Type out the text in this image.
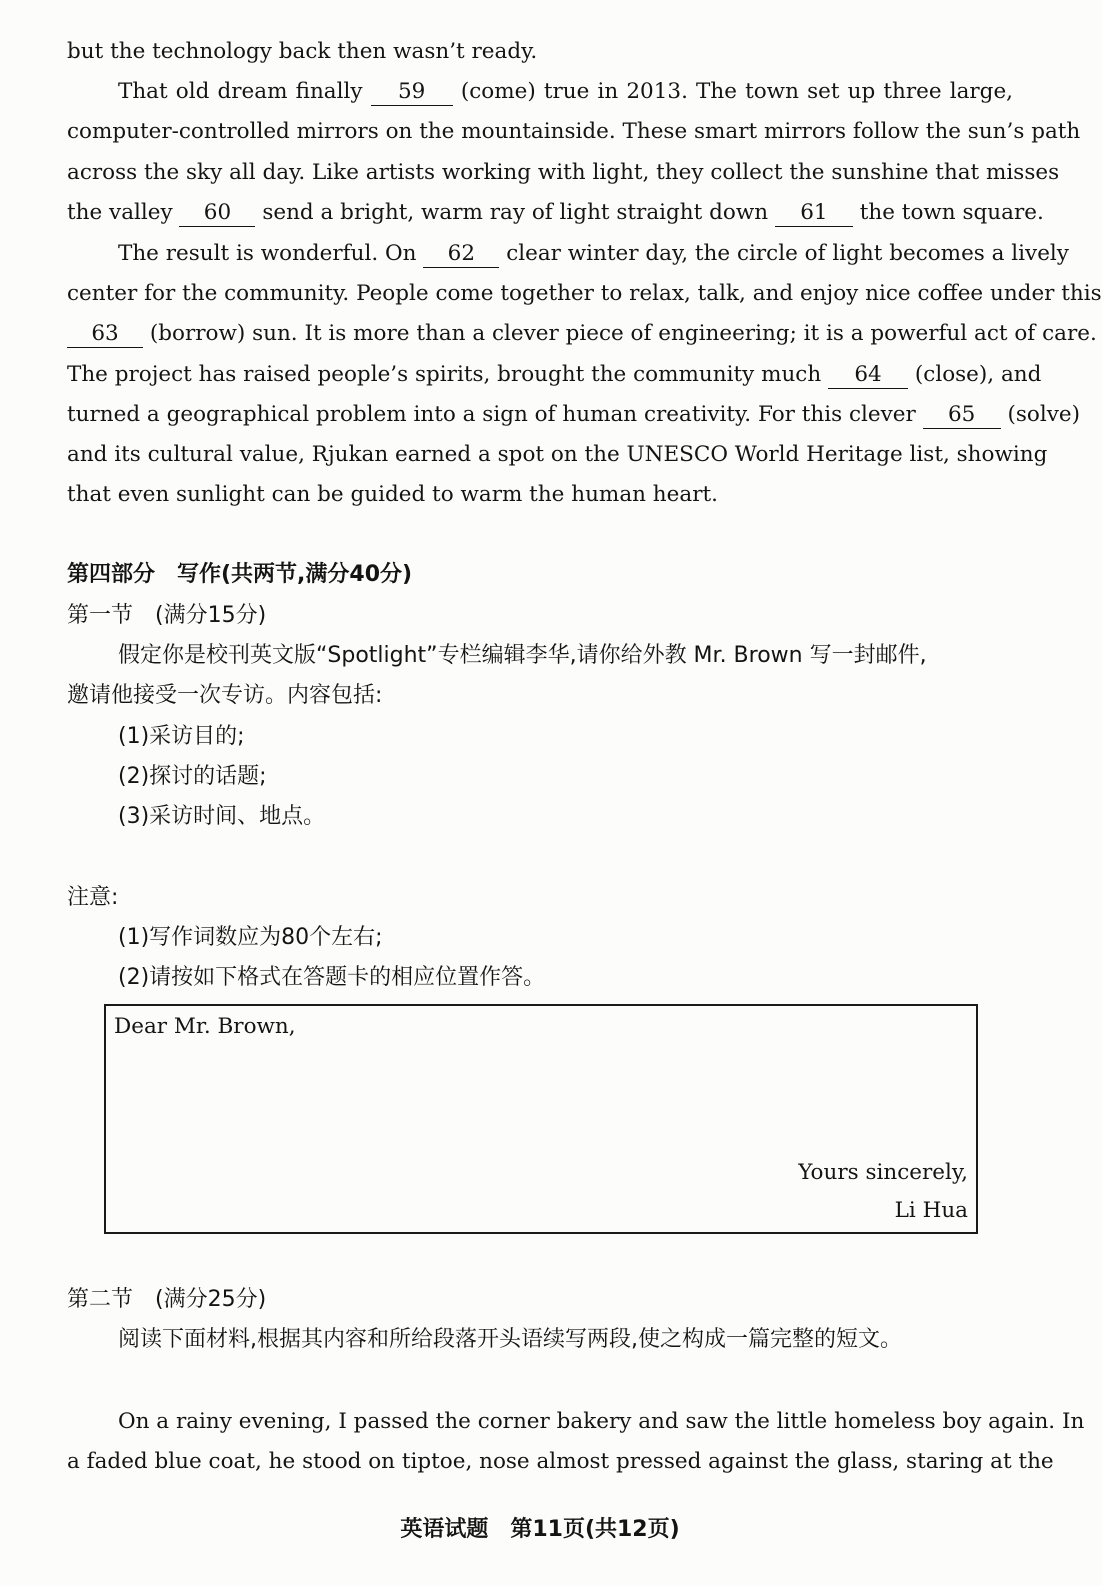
but the technology back then wasn’t ready.
That old dream finally 59 (come) true in 2013. The town set up three large,
computer-controlled mirrors on the mountainside. These smart mirrors follow the sun’s path
across the sky all day. Like artists working with light, they collect the sunshine that misses
the valley 60 send a bright, warm ray of light straight down 61 the town square.
The result is wonderful. On 62 clear winter day, the circle of light becomes a lively
center for the community. People come together to relax, talk, and enjoy nice coffee under this
63 (borrow) sun. It is more than a clever piece of engineering; it is a powerful act of care.
The project has raised people’s spirits, brought the community much 64 (close), and
turned a geographical problem into a sign of human creativity. For this clever 65 (solve)
and its cultural value, Rjukan earned a spot on the UNESCO World Heritage list, showing
that even sunlight can be guided to warm the human heart.
第四部分　写作(共两节,满分40分)
第一节　(满分15分)
假定你是校刊英文版“Spotlight”专栏编辑李华,请你给外教 Mr. Brown 写一封邮件,
邀请他接受一次专访。内容包括:
(1)采访目的;
(2)探讨的话题;
(3)采访时间、地点。
注意:
(1)写作词数应为80个左右;
(2)请按如下格式在答题卡的相应位置作答。
Dear Mr. Brown,
Yours sincerely,
Li Hua
第二节　(满分25分)
阅读下面材料,根据其内容和所给段落开头语续写两段,使之构成一篇完整的短文。
On a rainy evening, I passed the corner bakery and saw the little homeless boy again. In
a faded blue coat, he stood on tiptoe, nose almost pressed against the glass, staring at the
英语试题　第11页(共12页)
